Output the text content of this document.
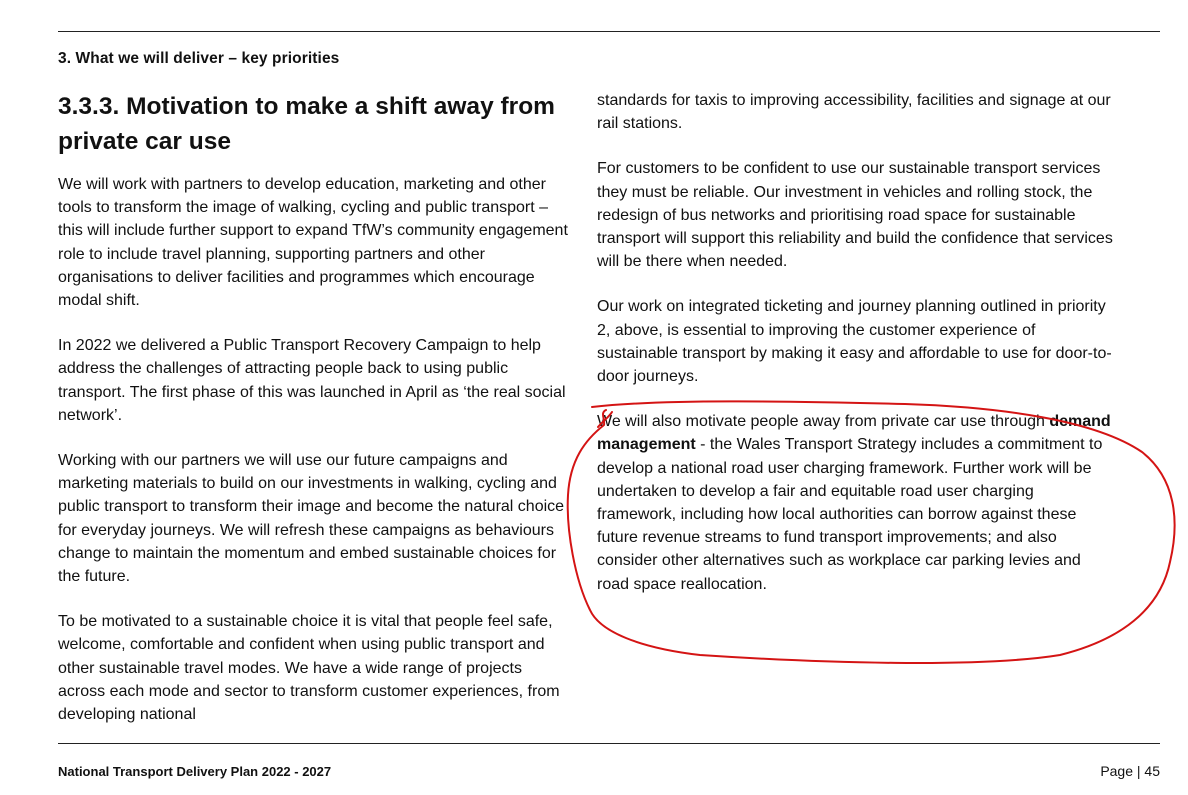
3. What we will deliver – key priorities
3.3.3. Motivation to make a shift away from private car use

We will work with partners to develop education, marketing and other tools to transform the image of walking, cycling and public transport – this will include further support to expand TfW’s community engagement role to include travel planning, supporting partners and other organisations to deliver facilities and programmes which encourage modal shift.

In 2022 we delivered a Public Transport Recovery Campaign to help address the challenges of attracting people back to using public transport. The first phase of this was launched in April as ‘the real social network’.

Working with our partners we will use our future campaigns and marketing materials to build on our investments in walking, cycling and public transport to transform their image and become the natural choice for everyday journeys. We will refresh these campaigns as behaviours change to maintain the momentum and embed sustainable choices for the future.

To be motivated to a sustainable choice it is vital that people feel safe, welcome, comfortable and confident when using public transport and other sustainable travel modes. We have a wide range of projects across each mode and sector to transform customer experiences, from developing national

standards for taxis to improving accessibility, facilities and signage at our rail stations.

For customers to be confident to use our sustainable transport services they must be reliable. Our investment in vehicles and rolling stock, the redesign of bus networks and prioritising road space for sustainable transport will support this reliability and build the confidence that services will be there when needed.

Our work on integrated ticketing and journey planning outlined in priority 2, above, is essential to improving the customer experience of sustainable transport by making it easy and affordable to use for door-to-door journeys.

We will also motivate people away from private car use through demand management - the Wales Transport Strategy includes a commitment to develop a national road user charging framework. Further work will be undertaken to develop a fair and equitable road user charging framework, including how local authorities can borrow against these future revenue streams to fund transport improvements; and also consider other alternatives such as workplace car parking levies and road space reallocation.

National Transport Delivery Plan 2022 - 2027	Page | 45
